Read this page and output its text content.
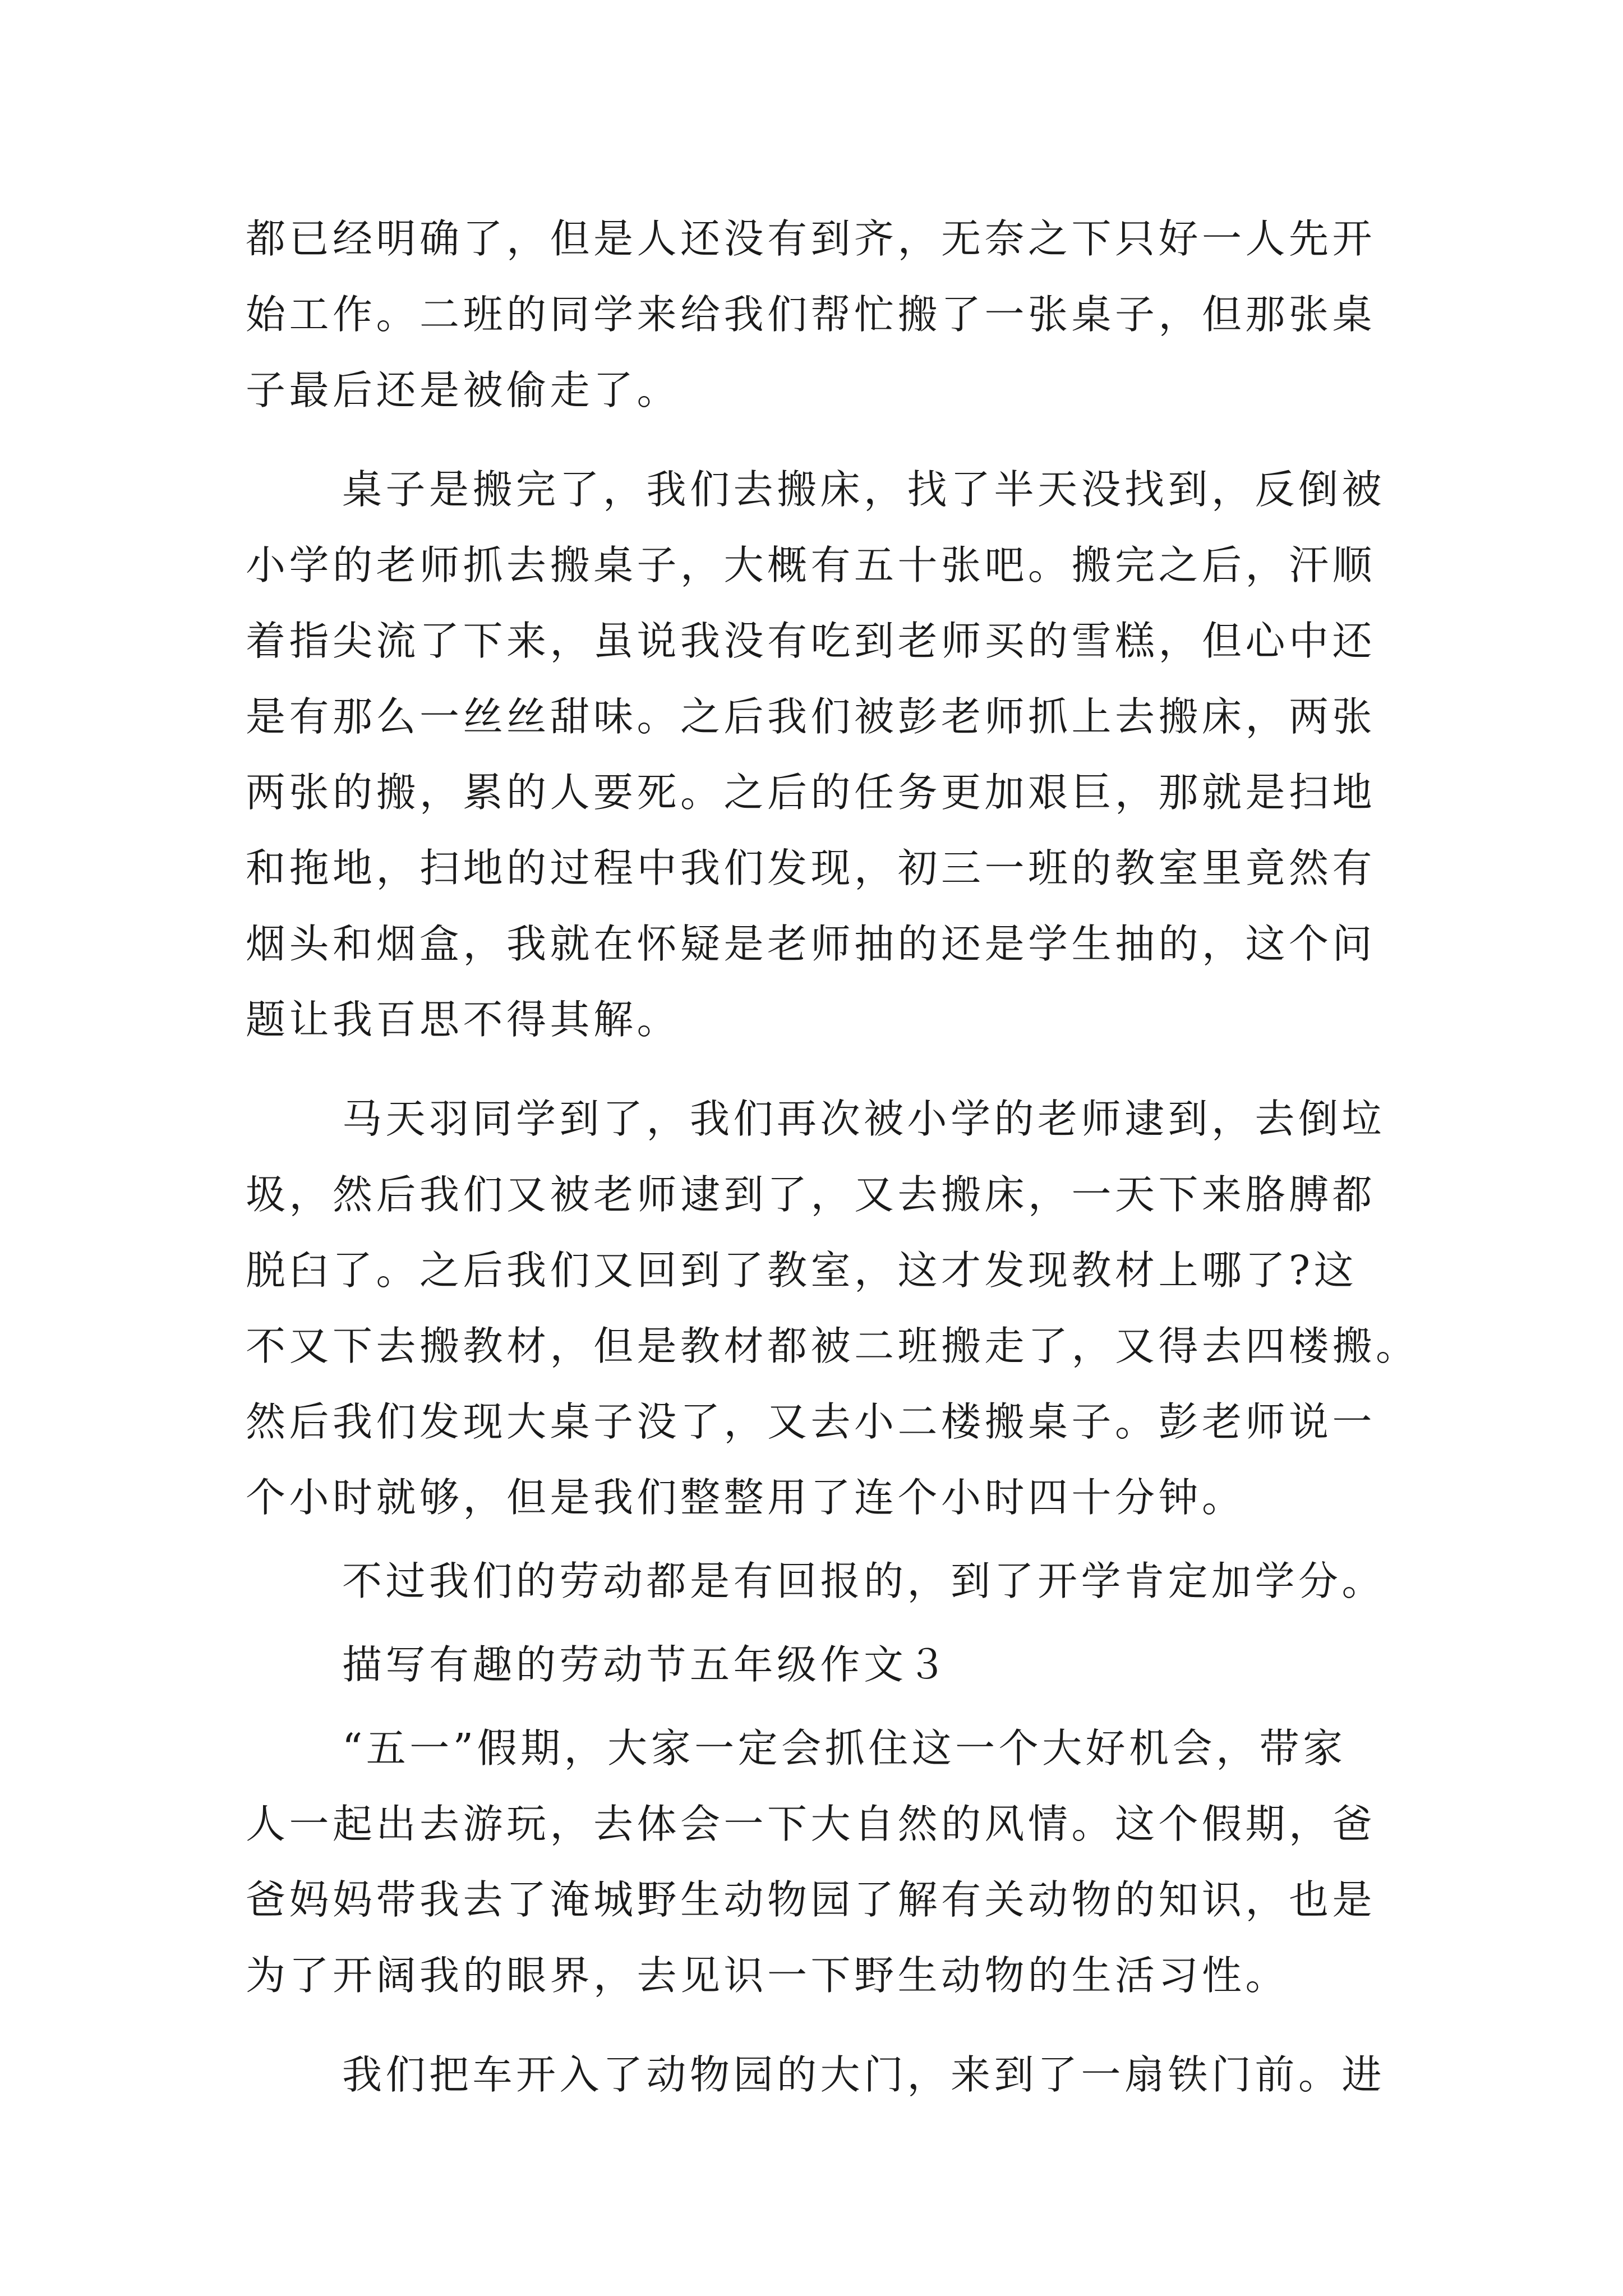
都已经明确了，但是人还没有到齐，无奈之下只好一人先开
始工作。二班的同学来给我们帮忙搬了一张桌子，但那张桌
子最后还是被偷走了。
桌子是搬完了，我们去搬床，找了半天没找到，反倒被
小学的老师抓去搬桌子，大概有五十张吧。搬完之后，汗顺
着指尖流了下来，虽说我没有吃到老师买的雪糕，但心中还
是有那么一丝丝甜味。之后我们被彭老师抓上去搬床，两张
两张的搬，累的人要死。之后的任务更加艰巨，那就是扫地
和拖地，扫地的过程中我们发现，初三一班的教室里竟然有
烟头和烟盒，我就在怀疑是老师抽的还是学生抽的，这个问
题让我百思不得其解。
马天羽同学到了，我们再次被小学的老师逮到，去倒垃
圾，然后我们又被老师逮到了，又去搬床，一天下来胳膊都
脱臼了。之后我们又回到了教室，这才发现教材上哪了?这
不又下去搬教材，但是教材都被二班搬走了，又得去四楼搬。
然后我们发现大桌子没了，又去小二楼搬桌子。彭老师说一
个小时就够，但是我们整整用了连个小时四十分钟。
不过我们的劳动都是有回报的，到了开学肯定加学分。
描写有趣的劳动节五年级作文３
“五一”假期，大家一定会抓住这一个大好机会，带家
人一起出去游玩，去体会一下大自然的风情。这个假期，爸
爸妈妈带我去了淹城野生动物园了解有关动物的知识，也是
为了开阔我的眼界，去见识一下野生动物的生活习性。
我们把车开入了动物园的大门，来到了一扇铁门前。进
